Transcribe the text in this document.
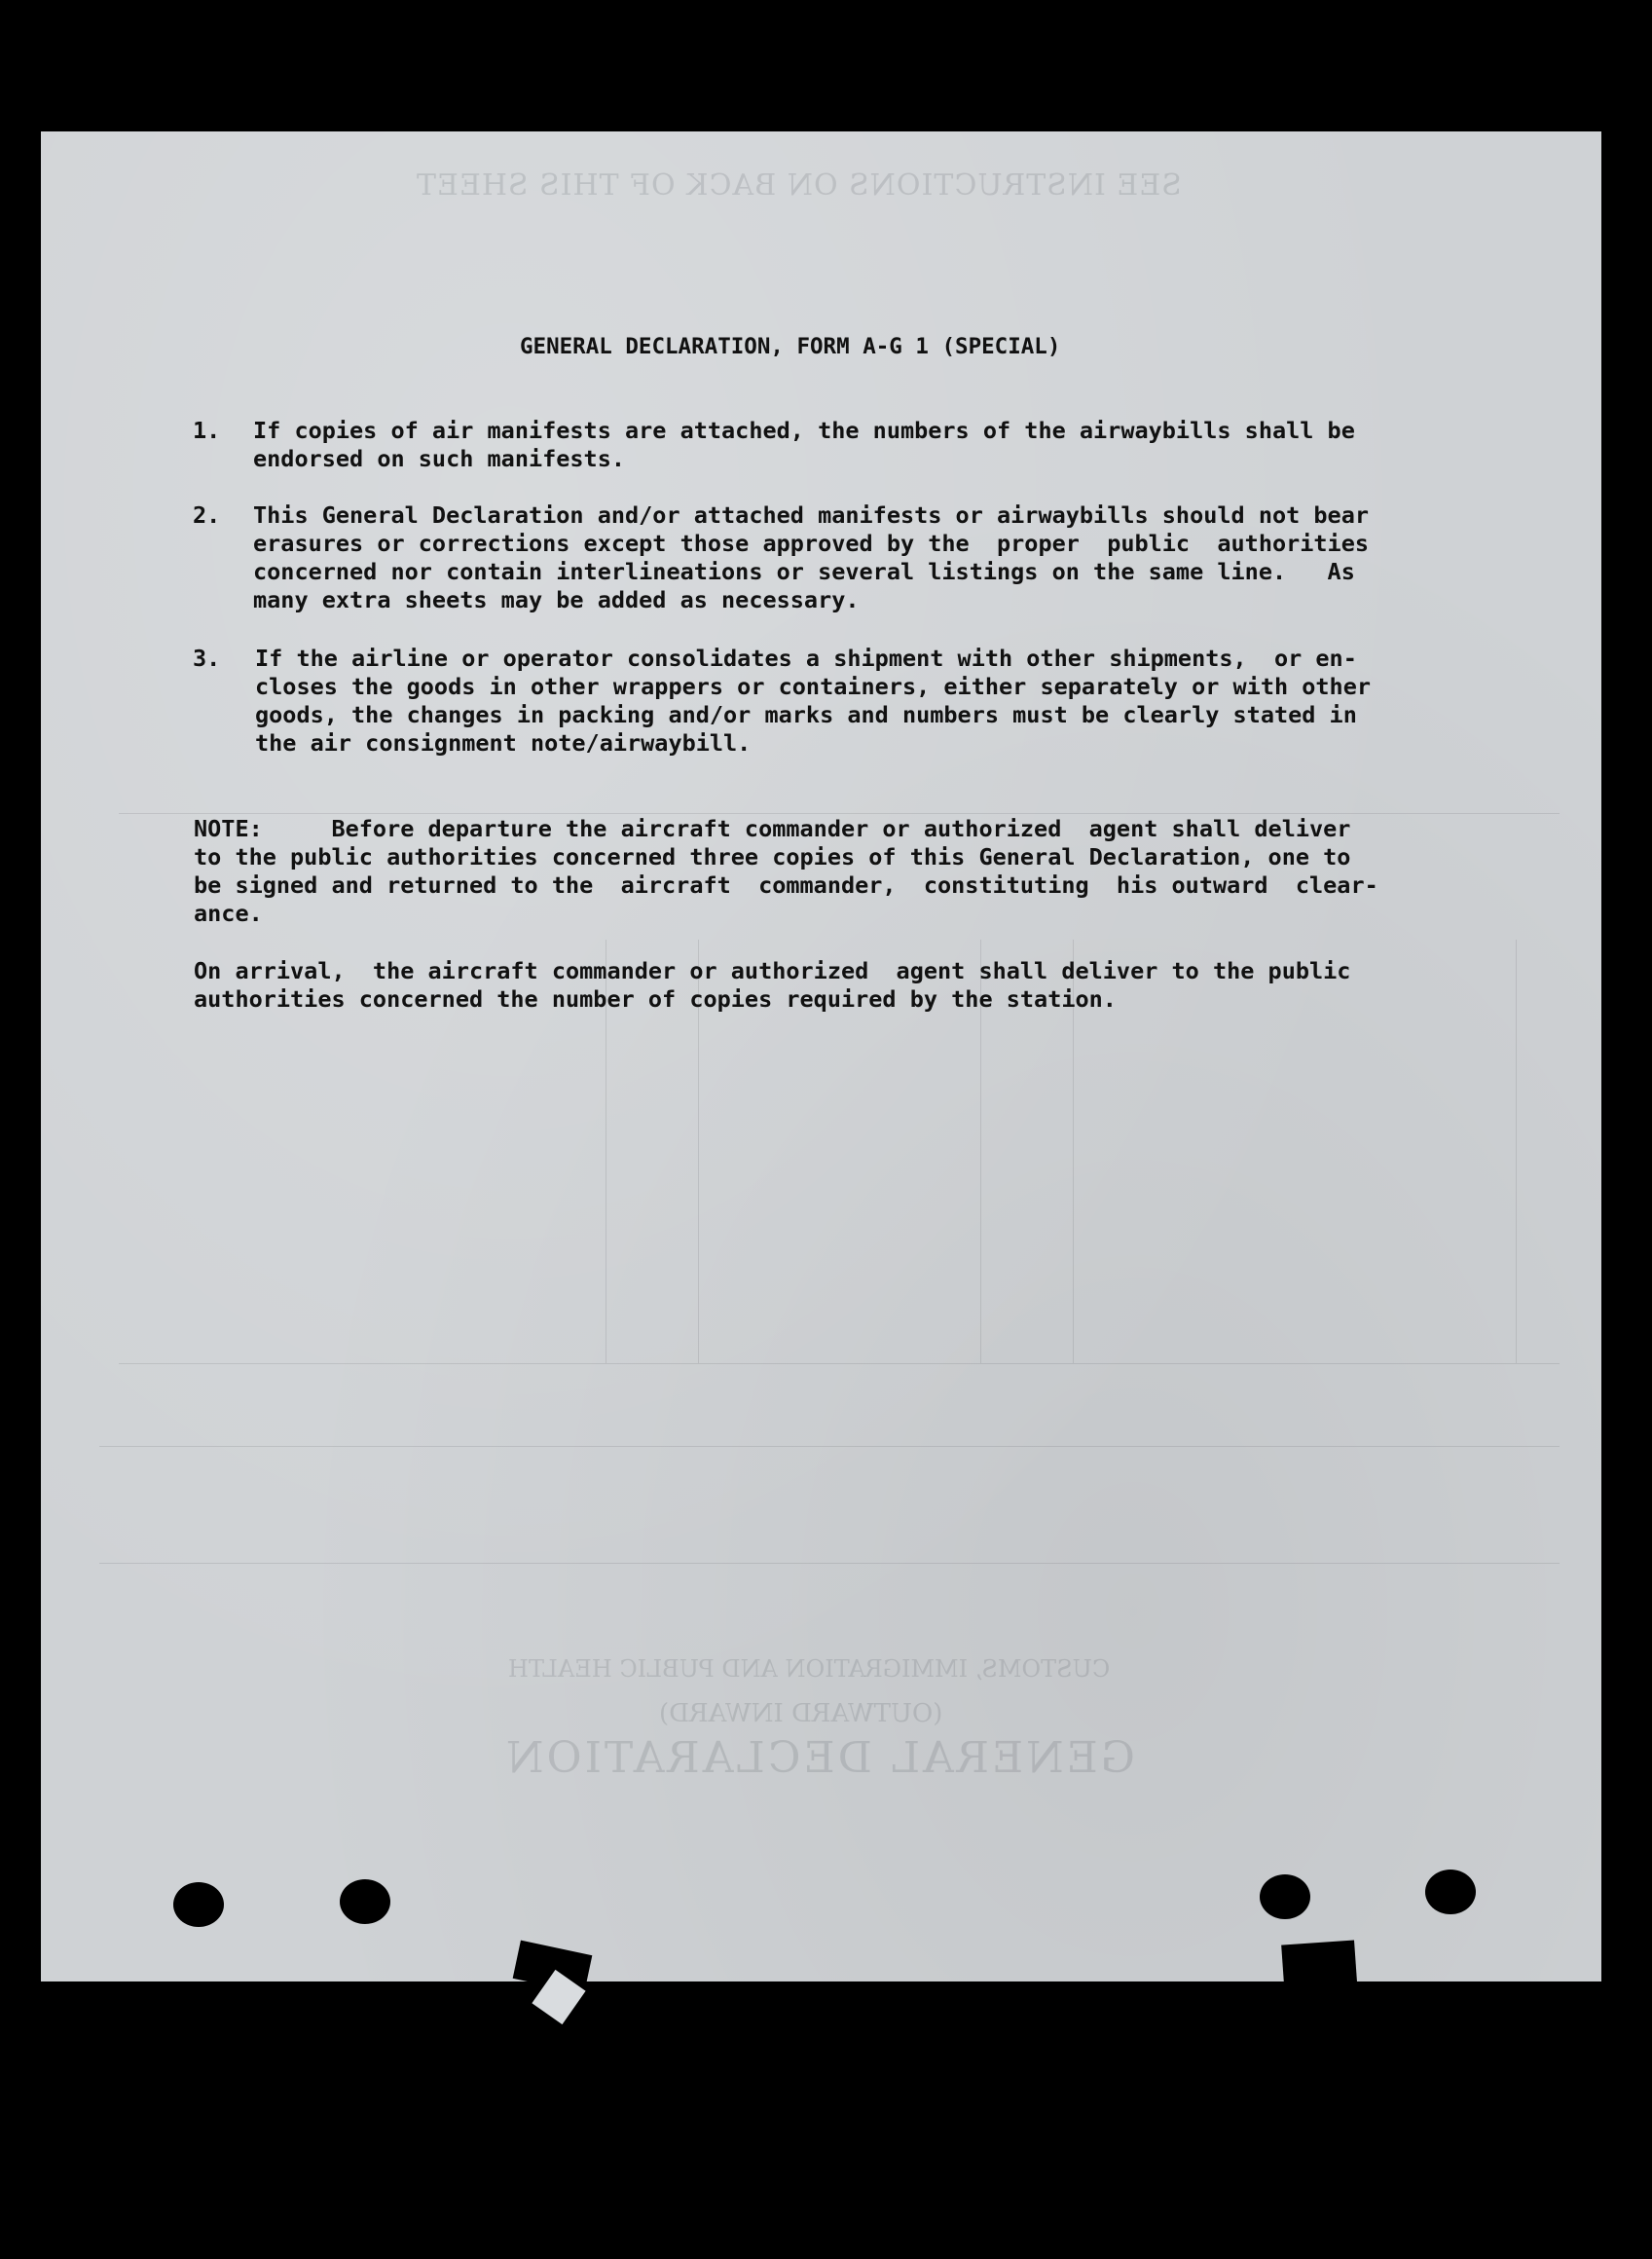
SEE INSTRUCTIONS ON BACK OF THIS SHEET
CUSTOMS, IMMIGRATION AND PUBLIC HEALTH
(OUTWARD INWARD)
GENERAL DECLARATION
GENERAL DECLARATION, FORM A-G 1 (SPECIAL)
1. If copies of air manifests are attached, the numbers of the airwaybills shall be
endorsed on such manifests.
2. This General Declaration and/or attached manifests or airwaybills should not bear
erasures or corrections except those approved by the  proper  public  authorities
concerned nor contain interlineations or several listings on the same line.   As
many extra sheets may be added as necessary.
3. If the airline or operator consolidates a shipment with other shipments,  or en-
closes the goods in other wrappers or containers, either separately or with other
goods, the changes in packing and/or marks and numbers must be clearly stated in
the air consignment note/airwaybill.
NOTE:     Before departure the aircraft commander or authorized  agent shall deliver
to the public authorities concerned three copies of this General Declaration, one to
be signed and returned to the  aircraft  commander,  constituting  his outward  clear-
ance.
On arrival,  the aircraft commander or authorized  agent shall deliver to the public
authorities concerned the number of copies required by the station.
